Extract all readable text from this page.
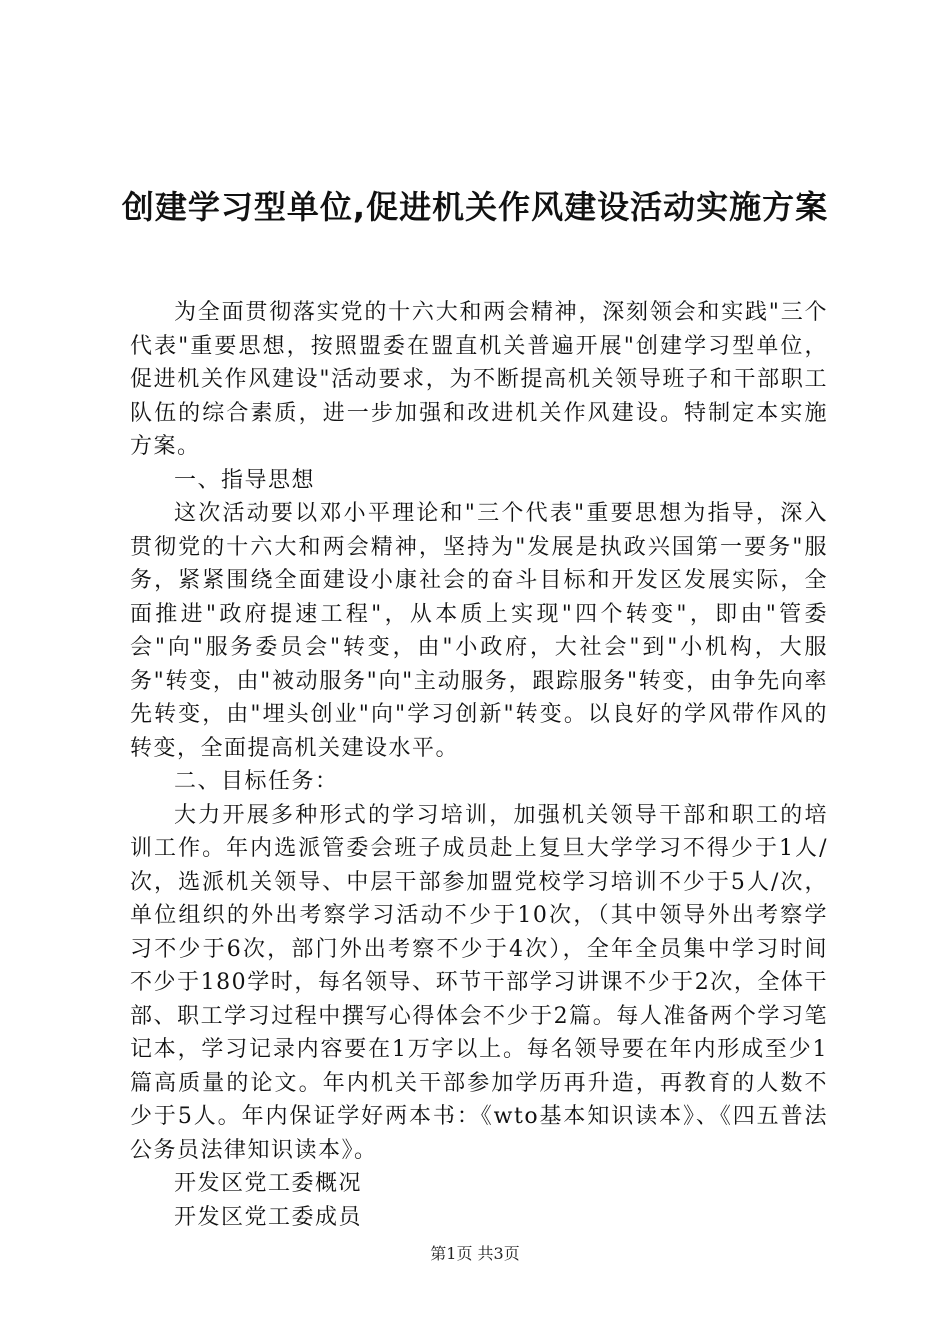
创建学习型单位,促进机关作风建设活动实施方案

为全面贯彻落实党的十六大和两会精神，深刻领会和实践"三个代表"重要思想，按照盟委在盟直机关普遍开展"创建学习型单位，促进机关作风建设"活动要求，为不断提高机关领导班子和干部职工队伍的综合素质，进一步加强和改进机关作风建设。特制定本实施方案。

一、指导思想

这次活动要以邓小平理论和"三个代表"重要思想为指导，深入贯彻党的十六大和两会精神，坚持为"发展是执政兴国第一要务"服务，紧紧围绕全面建设小康社会的奋斗目标和开发区发展实际，全面推进"政府提速工程"，从本质上实现"四个转变"，即由"管委会"向"服务委员会"转变，由"小政府，大社会"到"小机构，大服务"转变，由"被动服务"向"主动服务，跟踪服务"转变，由争先向率先转变，由"埋头创业"向"学习创新"转变。以良好的学风带作风的转变，全面提高机关建设水平。

二、目标任务：

大力开展多种形式的学习培训，加强机关领导干部和职工的培训工作。年内选派管委会班子成员赴上复旦大学学习不得少于1人/次，选派机关领导、中层干部参加盟党校学习培训不少于5人/次，单位组织的外出考察学习活动不少于10次，（其中领导外出考察学习不少于6次，部门外出考察不少于4次），全年全员集中学习时间不少于180学时，每名领导、环节干部学习讲课不少于2次，全体干部、职工学习过程中撰写心得体会不少于2篇。每人准备两个学习笔记本，学习记录内容要在1万字以上。每名领导要在年内形成至少1篇高质量的论文。年内机关干部参加学历再升造，再教育的人数不少于5人。年内保证学好两本书：《wto基本知识读本》、《四五普法公务员法律知识读本》。

开发区党工委概况

开发区党工委成员

第1页 共3页
